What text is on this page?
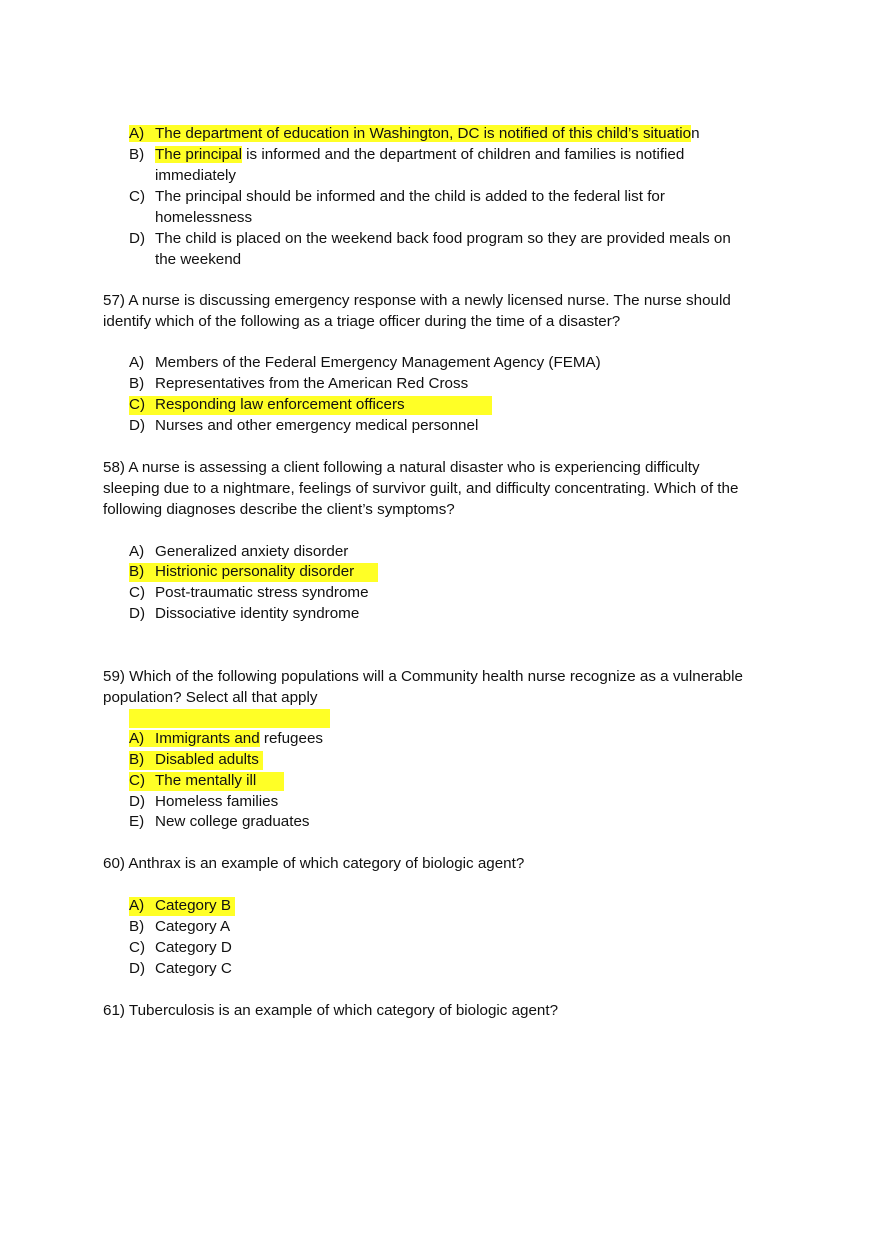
A) The department of education in Washington, DC is notified of this child’s situation
B) The principal is informed and the department of children and families is notified
immediately
C) The principal should be informed and the child is added to the federal list for
homelessness
D) The child is placed on the weekend back food program so they are provided meals on
the weekend
57) A nurse is discussing emergency response with a newly licensed nurse. The nurse should
identify which of the following as a triage officer during the time of a disaster?
A) Members of the Federal Emergency Management Agency (FEMA)
B) Representatives from the American Red Cross
C) Responding law enforcement officers
D) Nurses and other emergency medical personnel
58) A nurse is assessing a client following a natural disaster who is experiencing difficulty
sleeping due to a nightmare, feelings of survivor guilt, and difficulty concentrating. Which of the
following diagnoses describe the client’s symptoms?
A) Generalized anxiety disorder
B) Histrionic personality disorder
C) Post-traumatic stress syndrome
D) Dissociative identity syndrome
59) Which of the following populations will a Community health nurse recognize as a vulnerable
population? Select all that apply
A) Immigrants and refugees
B) Disabled adults
C) The mentally ill
D) Homeless families
E) New college graduates
60) Anthrax is an example of which category of biologic agent?
A) Category B
B) Category A
C) Category D
D) Category C
61) Tuberculosis is an example of which category of biologic agent?
